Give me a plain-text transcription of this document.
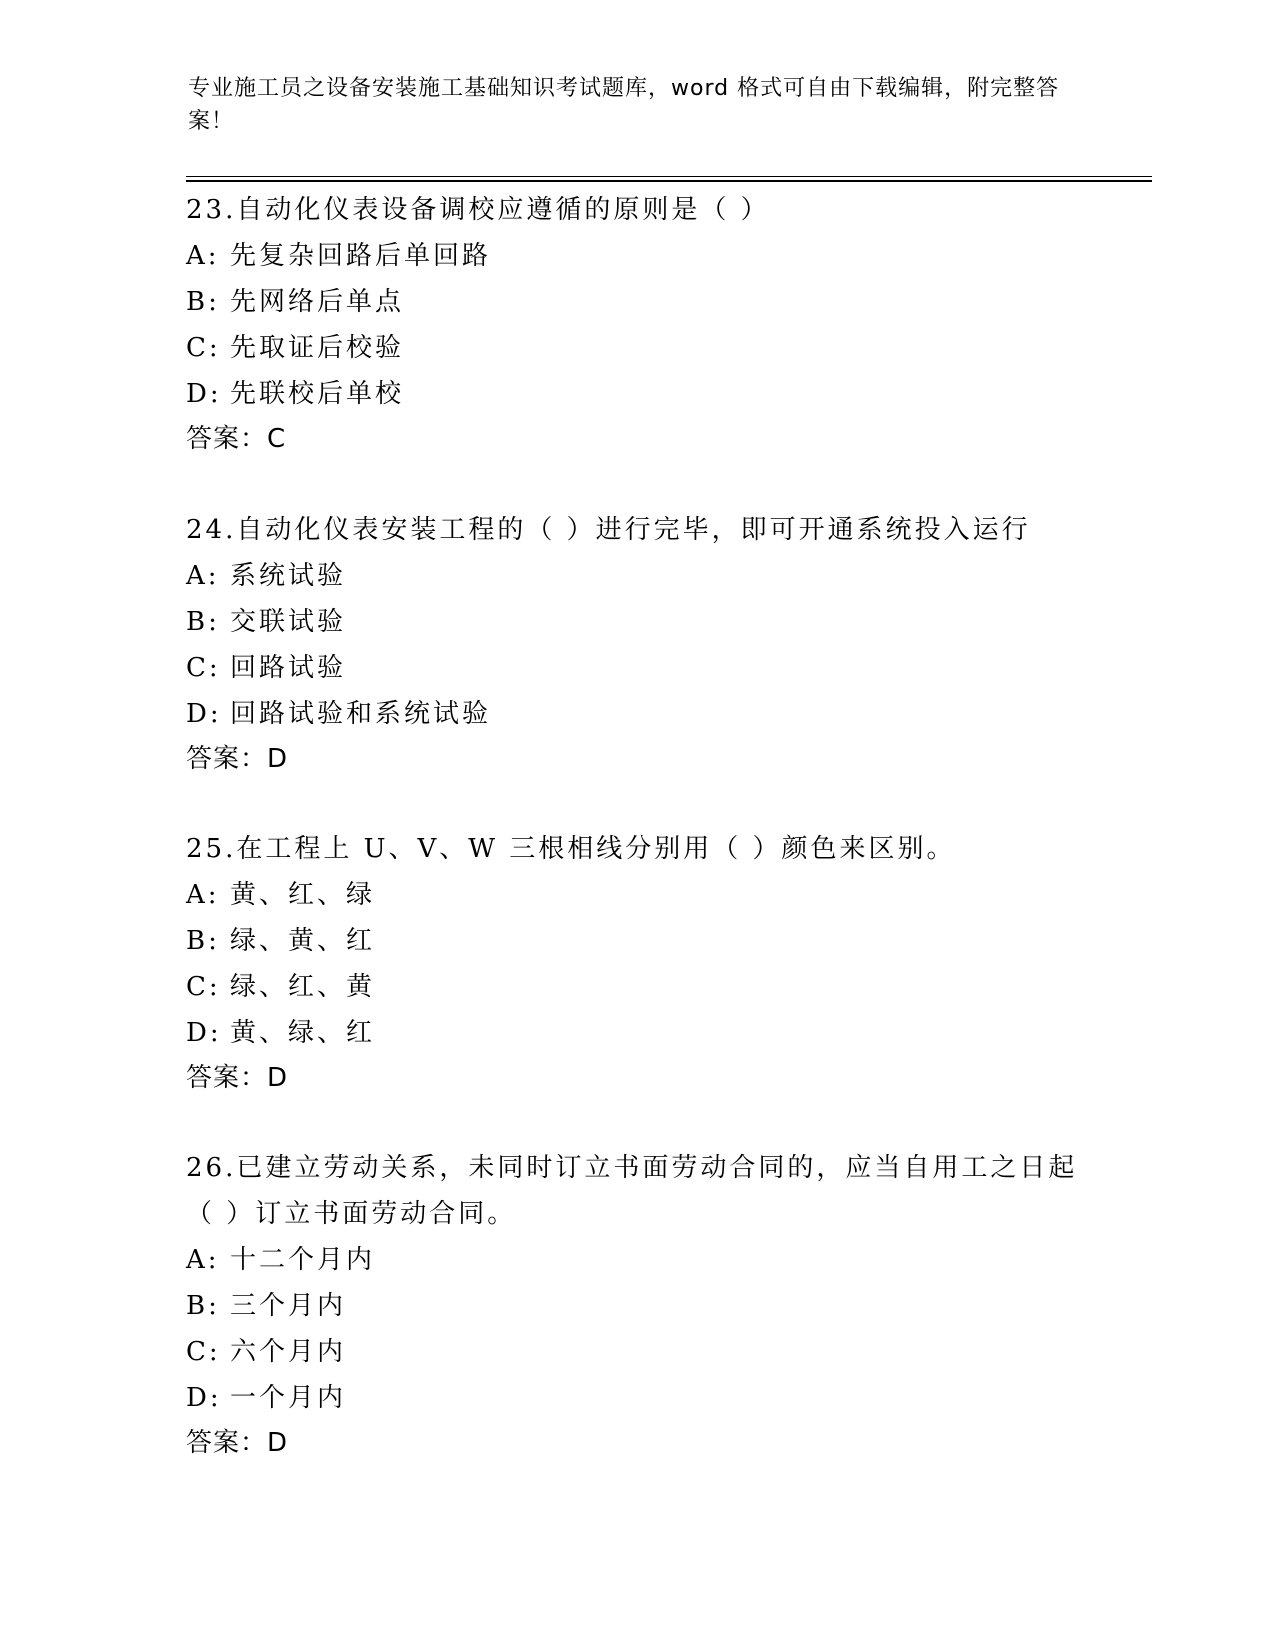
专业施工员之设备安装施工基础知识考试题库，word 格式可自由下载编辑，附完整答案！

23.自动化仪表设备调校应遵循的原则是（ ）

A: 先复杂回路后单回路
B: 先网络后单点
C: 先取证后校验
D: 先联校后单校
答案：C

24.自动化仪表安装工程的（ ）进行完毕，即可开通系统投入运行

A: 系统试验
B: 交联试验
C: 回路试验
D: 回路试验和系统试验
答案：D

25.在工程上 U、V、W 三根相线分别用（ ）颜色来区别。

A: 黄、红、绿
B: 绿、黄、红
C: 绿、红、黄
D: 黄、绿、红
答案：D

26.已建立劳动关系，未同时订立书面劳动合同的，应当自用工之日起（ ）订立书面劳动合同。

A: 十二个月内
B: 三个月内
C: 六个月内
D: 一个月内
答案：D
